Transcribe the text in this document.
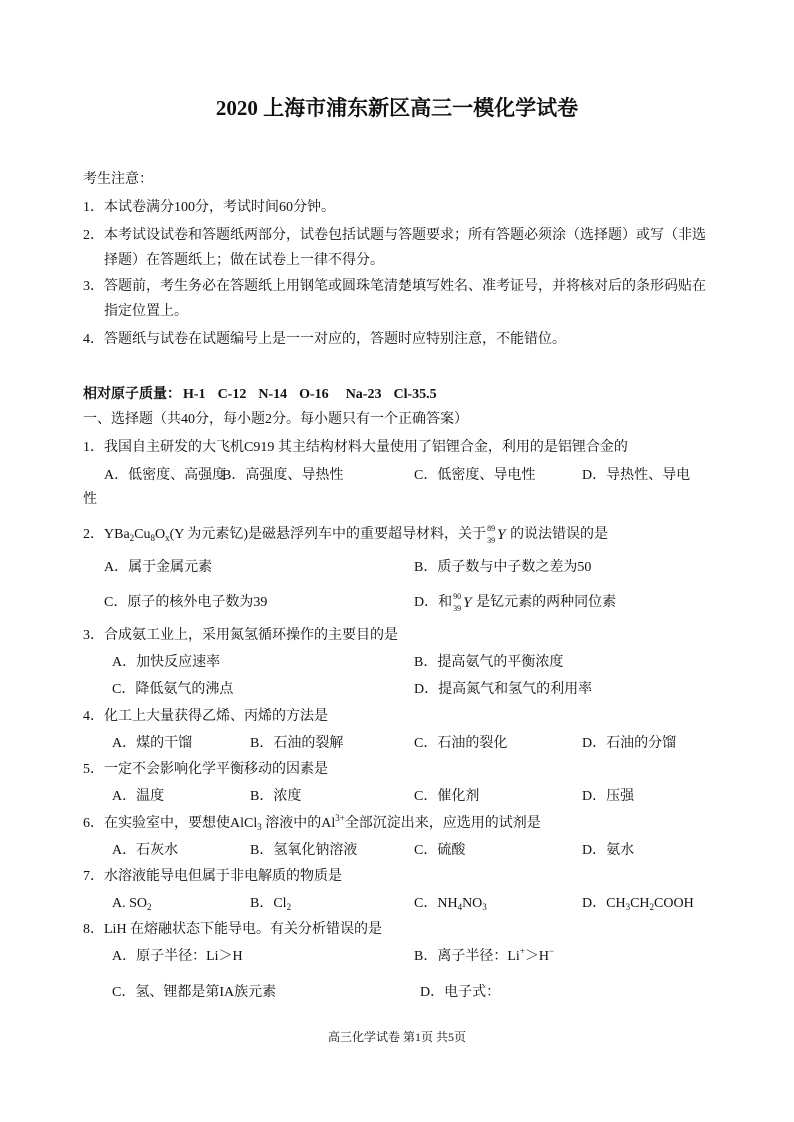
2020 上海市浦东新区高三一模化学试卷
考生注意：
1．本试卷满分100分，考试时间60分钟。
2．本考试设试卷和答题纸两部分，试卷包括试题与答题要求；所有答题必须涂（选择题）或写（非选
择题）在答题纸上；做在试卷上一律不得分。
3．答题前，考生务必在答题纸上用钢笔或圆珠笔清楚填写姓名、准考证号，并将核对后的条形码贴在
指定位置上。
4．答题纸与试卷在试题编号上是一一对应的，答题时应特别注意，不能错位。
相对原子质量： H-1 C-12 N-14 O-16 Na-23 Cl-35.5
一、选择题（共40分，每小题2分。每小题只有一个正确答案）
1．我国自主研发的大飞机C919 其主结构材料大量使用了铝锂合金，利用的是铝锂合金的
A．低密度、高强度
B．高强度、导热性	C．低密度、导电性	D．导热性、导电
性
2．$YBa_2Cu_8O_x(Y$ 为元素钇)是磁悬浮列车中的重要超导材料，关于 89
39 Y 的说法错误的是
A．属于金属元素	B．质子数与中子数之差为50
C．原子的核外电子数为39	D．和 90
39 Y 是钇元素的两种同位素
3．合成氨工业上，采用氮氢循环操作的主要目的是
A．加快反应速率	B．提高氨气的平衡浓度
C．降低氨气的沸点	D．提高氮气和氢气的利用率
4．化工上大量获得乙烯、丙烯的方法是
A．煤的干馏	B．石油的裂解	C．石油的裂化	D．石油的分馏
5．一定不会影响化学平衡移动的因素是
A．温度	B．浓度	C．催化剂	D．压强
6．在实验室中，要想使AlCl$_3$ 溶液中的$Al^{3+}$全部沉淀出来，应选用的试剂是
A．石灰水	B．氢氧化钠溶液	C．硫酸	D．氨水
7．水溶液能导电但属于非电解质的物质是
A. $SO_2$	B．$Cl_2$	C．$NH_4NO_3$	D．$CH_3CH_2COOH$
8．LiH 在熔融状态下能导电。有关分析错误的是
A．原子半径：Li＞H	B．离子半径：Li+＞H−
C．氢、锂都是第IA族元素	D．电子式：
高三化学试卷 第1页 共5页
